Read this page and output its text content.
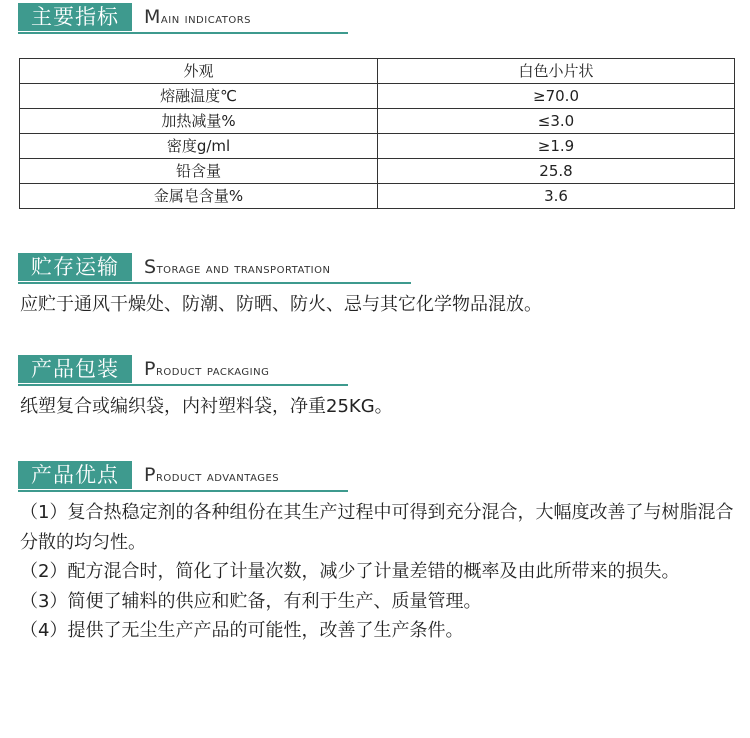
主要指标	Main indicators
外观	白色小片状
熔融温度℃	≥70.0
加热减量%	≤3.0
密度g/ml	≥1.9
铅含量	25.8
金属皂含量%	3.6
贮存运输	Storage and transportation
应贮于通风干燥处、防潮、防晒、防火、忌与其它化学物品混放。
产品包装	Product packaging
纸塑复合或编织袋，内衬塑料袋，净重25KG。
产品优点	Product advantages

（1）复合热稳定剂的各种组份在其生产过程中可得到充分混合，大幅度改善了与树脂混合分散的均匀性。

（2）配方混合时，简化了计量次数，减少了计量差错的概率及由此所带来的损失。

（3）简便了辅料的供应和贮备，有利于生产、质量管理。

（4）提供了无尘生产产品的可能性，改善了生产条件。
